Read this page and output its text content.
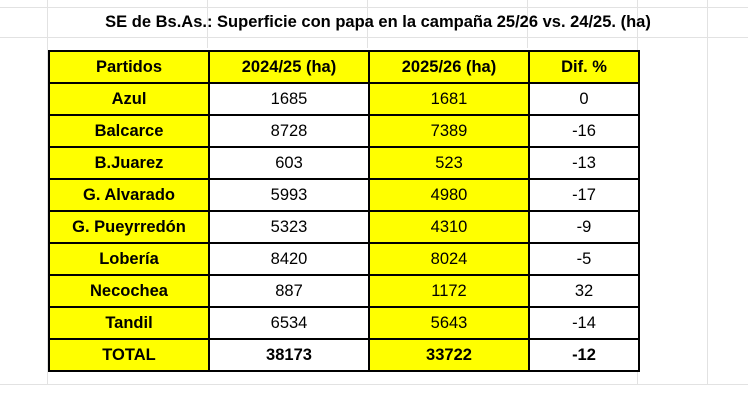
SE de Bs.As.: Superficie con papa en la campaña 25/26 vs. 24/25. (ha)
Partidos	2024/25 (ha)	2025/26 (ha)	Dif. %
Azul	1685	1681	0
Balcarce	8728	7389	-16
B.Juarez	603	523	-13
G. Alvarado	5993	4980	-17
G. Pueyrredón	5323	4310	-9
Lobería	8420	8024	-5
Necochea	887	1172	32
Tandil	6534	5643	-14
TOTAL	38173	33722	-12
